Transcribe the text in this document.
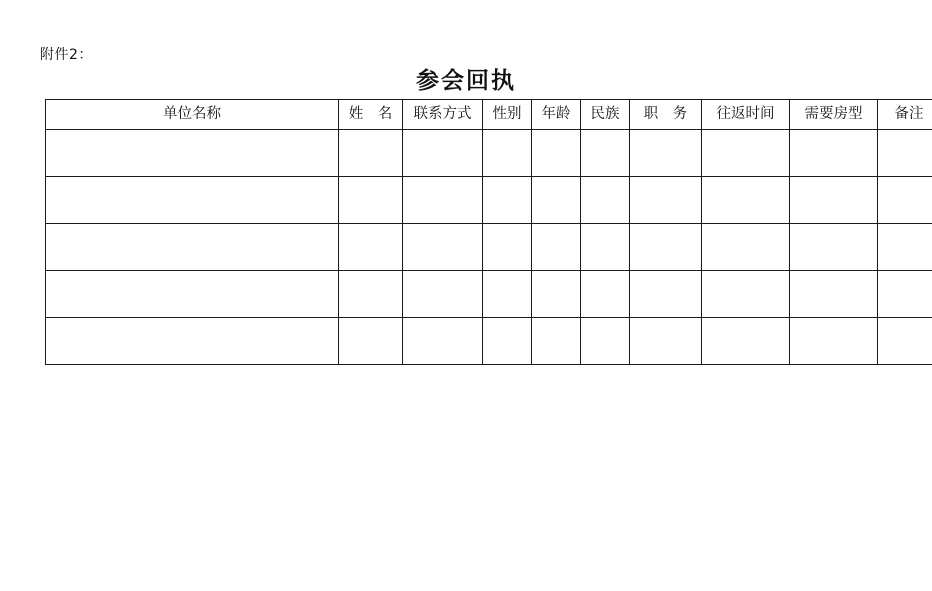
附件2：
参会回执
单位名称	姓　名	联系方式	性别	年龄	民族	职　务	往返时间	需要房型	备注
